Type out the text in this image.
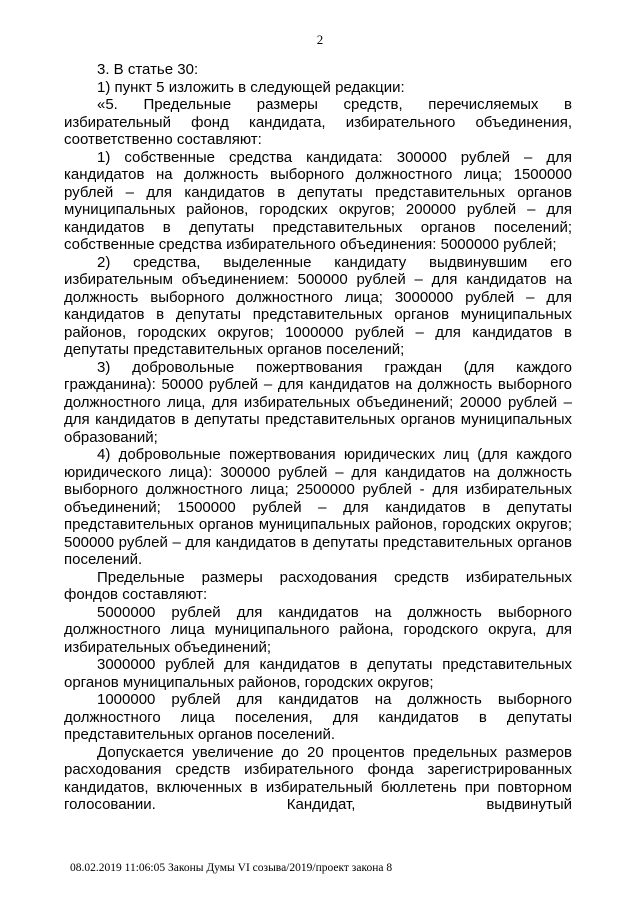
2

3. В статье 30:

1) пункт 5 изложить в следующей редакции:

«5. Предельные размеры средств, перечисляемых в избирательный фонд кандидата, избирательного объединения, соответственно составляют:

1) собственные средства кандидата: 300000 рублей – для кандидатов на должность выборного должностного лица; 1500000 рублей – для кандидатов в депутаты представительных органов муниципальных районов, городских округов; 200000 рублей – для кандидатов в депутаты представительных органов поселений; собственные средства избирательного объединения: 5000000 рублей;

2) средства, выделенные кандидату выдвинувшим его избирательным объединением: 500000 рублей – для кандидатов на должность выборного должностного лица; 3000000 рублей – для кандидатов в депутаты представительных органов муниципальных районов, городских округов; 1000000 рублей – для кандидатов в депутаты представительных органов поселений;

3) добровольные пожертвования граждан (для каждого гражданина): 50000 рублей – для кандидатов на должность выборного должностного лица, для избирательных объединений; 20000 рублей – для кандидатов в депутаты представительных органов муниципальных образований;

4) добровольные пожертвования юридических лиц (для каждого юридического лица): 300000 рублей – для кандидатов на должность выборного должностного лица; 2500000 рублей - для избирательных объединений; 1500000 рублей – для кандидатов в депутаты представительных органов муниципальных районов, городских округов; 500000 рублей – для кандидатов в депутаты представительных органов поселений.

Предельные размеры расходования средств избирательных фондов составляют:

5000000 рублей для кандидатов на должность выборного должностного лица муниципального района, городского округа, для избирательных объединений;

3000000 рублей для кандидатов в депутаты представительных органов муниципальных районов, городских округов;

1000000 рублей для кандидатов на должность выборного должностного лица поселения, для кандидатов в депутаты представительных органов поселений.

Допускается увеличение до 20 процентов предельных размеров расходования средств избирательного фонда зарегистрированных кандидатов, включенных в избирательный бюллетень при повторном голосовании. Кандидат, выдвинутый

08.02.2019 11:06:05 Законы Думы VI созыва/2019/проект закона 8
